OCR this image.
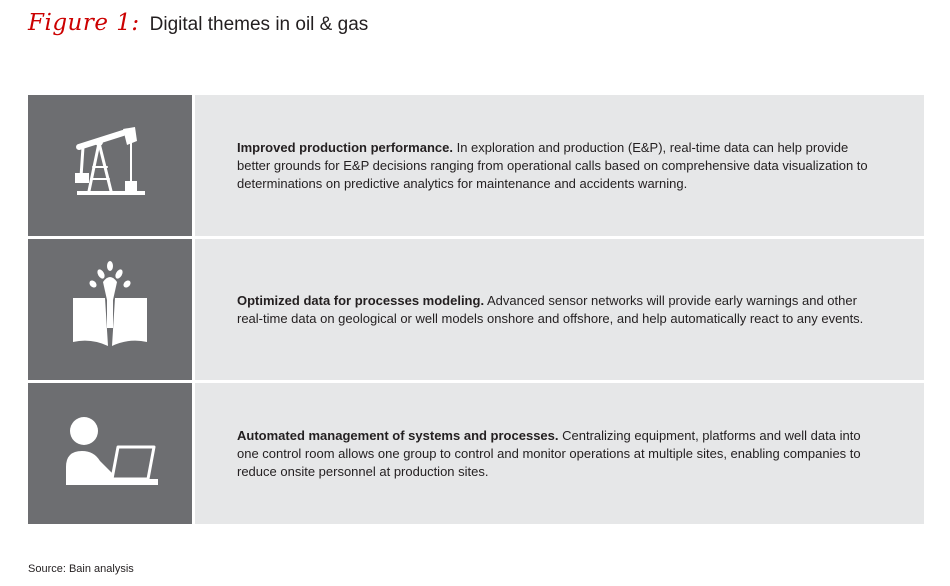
Figure 1: Digital themes in oil & gas
Improved production performance. In exploration and production (E&P), real-time data can help provide better grounds for E&P decisions ranging from operational calls based on comprehensive data visualization to determinations on predictive analytics for maintenance and accidents warning.
Optimized data for processes modeling. Advanced sensor networks will provide early warnings and other real-time data on geological or well models onshore and offshore, and help automatically react to any events.
Automated management of systems and processes. Centralizing equipment, platforms and well data into one control room allows one group to control and monitor operations at multiple sites, enabling companies to reduce onsite personnel at production sites.
Source: Bain analysis
